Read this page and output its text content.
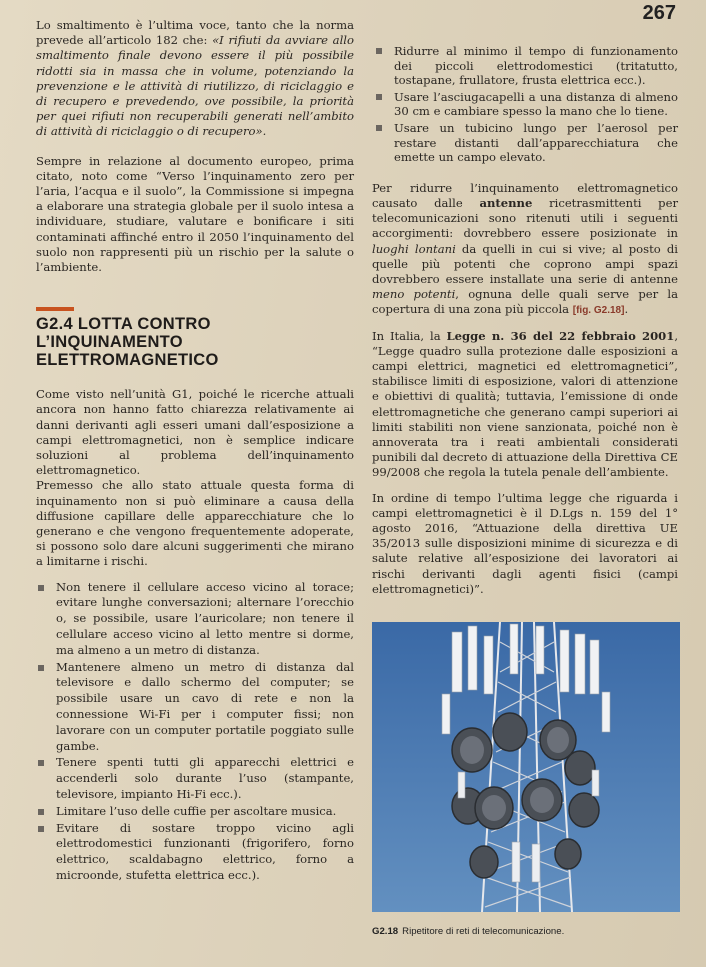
267

Lo smaltimento è l’ultima voce, tanto che la norma prevede all’articolo 182 che: «I rifiuti da avviare allo smaltimento finale devono essere il più possibile ridotti sia in massa che in volume, potenziando la prevenzione e le attività di riutilizzo, di riciclaggio e di recupero e prevedendo, ove possibile, la priorità per quei rifiuti non recuperabili generati nell’ambito di attività di riciclaggio o di recupero».

Sempre in relazione al documento europeo, prima citato, noto come “Verso l’inquinamento zero per l’aria, l’acqua e il suolo”, la Commissione si impegna a elaborare una strategia globale per il suolo intesa a individuare, studiare, valutare e bonificare i siti contaminati affinché entro il 2050 l’inquinamento del suolo non rappresenti più un rischio per la salute o l’ambiente.

G2.4 LOTTA CONTRO
L’INQUINAMENTO
ELETTROMAGNETICO

Come visto nell’unità G1, poiché le ricerche attuali ancora non hanno fatto chiarezza relativamente ai danni derivanti agli esseri umani dall’esposizione a campi elettromagnetici, non è semplice indicare soluzioni al problema dell’inquinamento elettromagnetico.

Premesso che allo stato attuale questa forma di inquinamento non si può eliminare a causa della diffusione capillare delle apparecchiature che lo generano e che vengono frequentemente adoperate, si possono solo dare alcuni suggerimenti che mirano a limitarne i rischi.

Non tenere il cellulare acceso vicino al torace; evitare lunghe conversazioni; alternare l’orecchio o, se possibile, usare l’auricolare; non tenere il cellulare acceso vicino al letto mentre si dorme, ma almeno a un metro di distanza.
Mantenere almeno un metro di distanza dal televisore e dallo schermo del computer; se possibile usare un cavo di rete e non la connessione Wi-Fi per i computer fissi; non lavorare con un computer portatile poggiato sulle gambe.
Tenere spenti tutti gli apparecchi elettrici e accenderli solo durante l’uso (stampante, televisore, impianto Hi-Fi ecc.).
Limitare l’uso delle cuffie per ascoltare musica.
Evitare di sostare troppo vicino agli elettrodomestici funzionanti (frigorifero, forno elettrico, scaldabagno elettrico, forno a microonde, stufetta elettrica ecc.).
Ridurre al minimo il tempo di funzionamento dei piccoli elettrodomestici (tritatutto, tostapane, frullatore, frusta elettrica ecc.).
Usare l’asciugacapelli a una distanza di almeno 30 cm e cambiare spesso la mano che lo tiene.
Usare un tubicino lungo per l’aerosol per restare distanti dall’apparecchiatura che emette un campo elevato.

Per ridurre l’inquinamento elettromagnetico causato dalle antenne ricetrasmittenti per telecomunicazioni sono ritenuti utili i seguenti accorgimenti: dovrebbero essere posizionate in luoghi lontani da quelli in cui si vive; al posto di quelle più potenti che coprono ampi spazi dovrebbero essere installate una serie di antenne meno potenti, ognuna delle quali serve per la copertura di una zona più piccola [fig. G2.18].

In Italia, la Legge n. 36 del 22 febbraio 2001, “Legge quadro sulla protezione dalle esposizioni a campi elettrici, magnetici ed elettromagnetici”, stabilisce limiti di esposizione, valori di attenzione e obiettivi di qualità; tuttavia, l’emissione di onde elettromagnetiche che generano campi superiori ai limiti stabiliti non viene sanzionata, poiché non è annoverata tra i reati ambientali considerati punibili dal decreto di attuazione della Direttiva CE 99/2008 che regola la tutela penale dell’ambiente.

In ordine di tempo l’ultima legge che riguarda i campi elettromagnetici è il D.Lgs n. 159 del 1° agosto 2016, “Attuazione della direttiva UE 35/2013 sulle disposizioni minime di sicurezza e di salute relative all’esposizione dei lavoratori ai rischi derivanti dagli agenti fisici (campi elettromagnetici)”.

G2.18 Ripetitore di reti di telecomunicazione.
